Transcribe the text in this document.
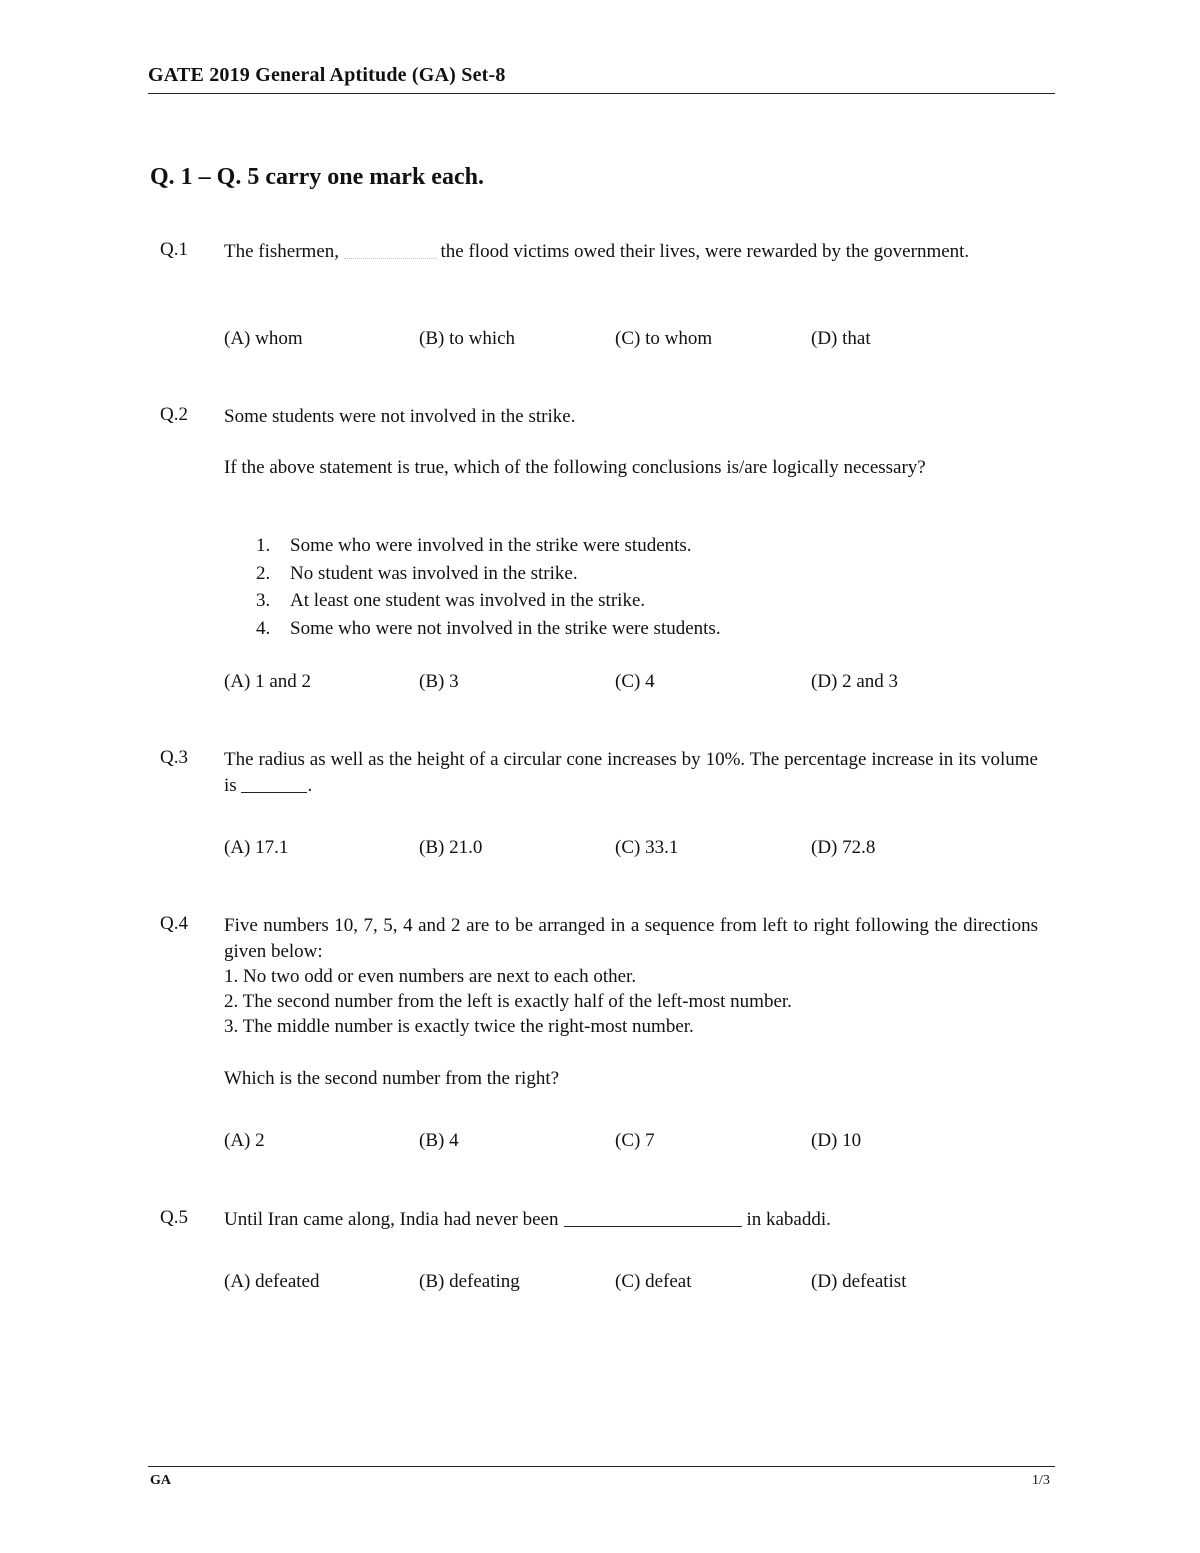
GATE 2019 General Aptitude (GA) Set-8
Q. 1 – Q. 5 carry one mark each.
Q.1 The fishermen,	the flood victims owed their lives, were rewarded by the government.
(A) whom	(B) to which	(C) to whom	(D) that
Q.2 Some students were not involved in the strike.
If the above statement is true, which of the following conclusions is/are logically necessary?
1. Some who were involved in the strike were students.
2. No student was involved in the strike.
3. At least one student was involved in the strike.
4. Some who were not involved in the strike were students.
(A) 1 and 2	(B) 3	(C) 4	(D) 2 and 3
Q.3 The radius as well as the height of a circular cone increases by 10%. The percentage increase in its volume is	.
(A) 17.1	(B) 21.0	(C) 33.1	(D) 72.8
Q.4 Five numbers 10, 7, 5, 4 and 2 are to be arranged in a sequence from left to right following the directions given below:
1. No two odd or even numbers are next to each other.
2. The second number from the left is exactly half of the left-most number.
3. The middle number is exactly twice the right-most number.
Which is the second number from the right?
(A) 2	(B) 4	(C) 7	(D) 10
Q.5 Until Iran came along, India had never been	in kabaddi.
(A) defeated	(B) defeating	(C) defeat	(D) defeatist
GA	1/3
